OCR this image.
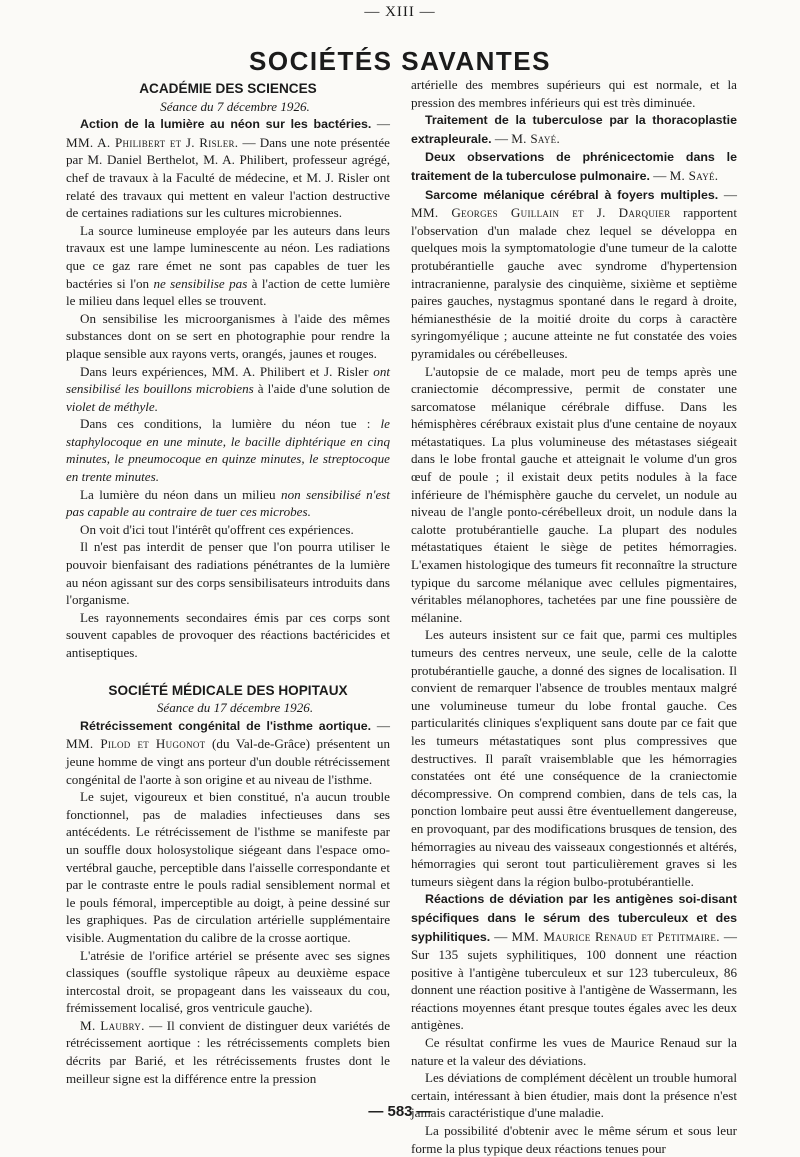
— XIII —
SOCIÉTÉS SAVANTES

ACADÉMIE DES SCIENCES

Séance du 7 décembre 1926.

Action de la lumière au néon sur les bactéries. — MM. A. Philibert et J. Risler. — Dans une note présentée par M. Daniel Berthelot, M. A. Philibert, professeur agrégé, chef de travaux à la Faculté de médecine, et M. J. Risler ont relaté des travaux qui mettent en valeur l'action destructive de certaines radiations sur les cultures microbiennes.

La source lumineuse employée par les auteurs dans leurs travaux est une lampe luminescente au néon. Les radiations que ce gaz rare émet ne sont pas capables de tuer les bactéries si l'on ne sensibilise pas à l'action de cette lumière le milieu dans lequel elles se trouvent.

On sensibilise les microorganismes à l'aide des mêmes substances dont on se sert en photographie pour rendre la plaque sensible aux rayons verts, orangés, jaunes et rouges.

Dans leurs expériences, MM. A. Philibert et J. Risler ont sensibilisé les bouillons microbiens à l'aide d'une solution de violet de méthyle.

Dans ces conditions, la lumière du néon tue : le staphylocoque en une minute, le bacille diphtérique en cinq minutes, le pneumocoque en quinze minutes, le streptocoque en trente minutes.

La lumière du néon dans un milieu non sensibilisé n'est pas capable au contraire de tuer ces microbes.

On voit d'ici tout l'intérêt qu'offrent ces expériences.

Il n'est pas interdit de penser que l'on pourra utiliser le pouvoir bienfaisant des radiations pénétrantes de la lumière au néon agissant sur des corps sensibilisateurs introduits dans l'organisme.

Les rayonnements secondaires émis par ces corps sont souvent capables de provoquer des réactions bactéricides et antiseptiques.

SOCIÉTÉ MÉDICALE DES HOPITAUX

Séance du 17 décembre 1926.

Rétrécissement congénital de l'isthme aortique. — MM. Pilod et Hugonot (du Val-de-Grâce) présentent un jeune homme de vingt ans porteur d'un double rétrécissement congénital de l'aorte à son origine et au niveau de l'isthme.

Le sujet, vigoureux et bien constitué, n'a aucun trouble fonctionnel, pas de maladies infectieuses dans ses antécédents. Le rétrécissement de l'isthme se manifeste par un souffle doux holosystolique siégeant dans l'espace omo-vertébral gauche, perceptible dans l'aisselle correspondante et par le contraste entre le pouls radial sensiblement normal et le pouls fémoral, imperceptible au doigt, à peine dessiné sur les graphiques. Pas de circulation artérielle supplémentaire visible. Augmentation du calibre de la crosse aortique.

L'atrésie de l'orifice artériel se présente avec ses signes classiques (souffle systolique râpeux au deuxième espace intercostal droit, se propageant dans les vaisseaux du cou, frémissement localisé, gros ventricule gauche).

M. Laubry. — Il convient de distinguer deux variétés de rétrécissement aortique : les rétrécissements complets bien décrits par Barié, et les rétrécissements frustes dont le meilleur signe est la différence entre la pression

artérielle des membres supérieurs qui est normale, et la pression des membres inférieurs qui est très diminuée.

Traitement de la tuberculose par la thoracoplastie extrapleurale. — M. Sayé.

Deux observations de phrénicectomie dans le traitement de la tuberculose pulmonaire. — M. Sayé.

Sarcome mélanique cérébral à foyers multiples. — MM. Georges Guillain et J. Darquier rapportent l'observation d'un malade chez lequel se développa en quelques mois la symptomatologie d'une tumeur de la calotte protubérantielle gauche avec syndrome d'hypertension intracranienne, paralysie des cinquième, sixième et septième paires gauches, nystagmus spontané dans le regard à droite, hémianesthésie de la moitié droite du corps à caractère syringomyélique ; aucune atteinte ne fut constatée des voies pyramidales ou cérébelleuses.

L'autopsie de ce malade, mort peu de temps après une craniectomie décompressive, permit de constater une sarcomatose mélanique cérébrale diffuse. Dans les hémisphères cérébraux existait plus d'une centaine de noyaux métastatiques. La plus volumineuse des métastases siégeait dans le lobe frontal gauche et atteignait le volume d'un gros œuf de poule ; il existait deux petits nodules à la face inférieure de l'hémisphère gauche du cervelet, un nodule au niveau de l'angle ponto-cérébelleux droit, un nodule dans la calotte protubérantielle gauche. La plupart des nodules métastatiques étaient le siège de petites hémorragies. L'examen histologique des tumeurs fit reconnaître la structure typique du sarcome mélanique avec cellules pigmentaires, véritables mélanophores, tachetées par une fine poussière de mélanine.

Les auteurs insistent sur ce fait que, parmi ces multiples tumeurs des centres nerveux, une seule, celle de la calotte protubérantielle gauche, a donné des signes de localisation. Il convient de remarquer l'absence de troubles mentaux malgré une volumineuse tumeur du lobe frontal gauche. Ces particularités cliniques s'expliquent sans doute par ce fait que les tumeurs métastatiques sont plus compressives que destructives. Il paraît vraisemblable que les hémorragies constatées ont été une conséquence de la craniectomie décompressive. On comprend combien, dans de tels cas, la ponction lombaire peut aussi être éventuellement dangereuse, en provoquant, par des modifications brusques de tension, des hémorragies au niveau des vaisseaux congestionnés et altérés, hémorragies qui seront tout particulièrement graves si les tumeurs siègent dans la région bulbo-protubérantielle.

Réactions de déviation par les antigènes soi-disant spécifiques dans le sérum des tuberculeux et des syphilitiques. — MM. Maurice Renaud et Petitmaire. — Sur 135 sujets syphilitiques, 100 donnent une réaction positive à l'antigène tuberculeux et sur 123 tuberculeux, 86 donnent une réaction positive à l'antigène de Wassermann, les réactions moyennes étant presque toutes égales avec les deux antigènes.

Ce résultat confirme les vues de Maurice Renaud sur la nature et la valeur des déviations.

Les déviations de complément décèlent un trouble humoral certain, intéressant à bien étudier, mais dont la présence n'est jamais caractéristique d'une maladie.

La possibilité d'obtenir avec le même sérum et sous leur forme la plus typique deux réactions tenues pour

— 583 —
